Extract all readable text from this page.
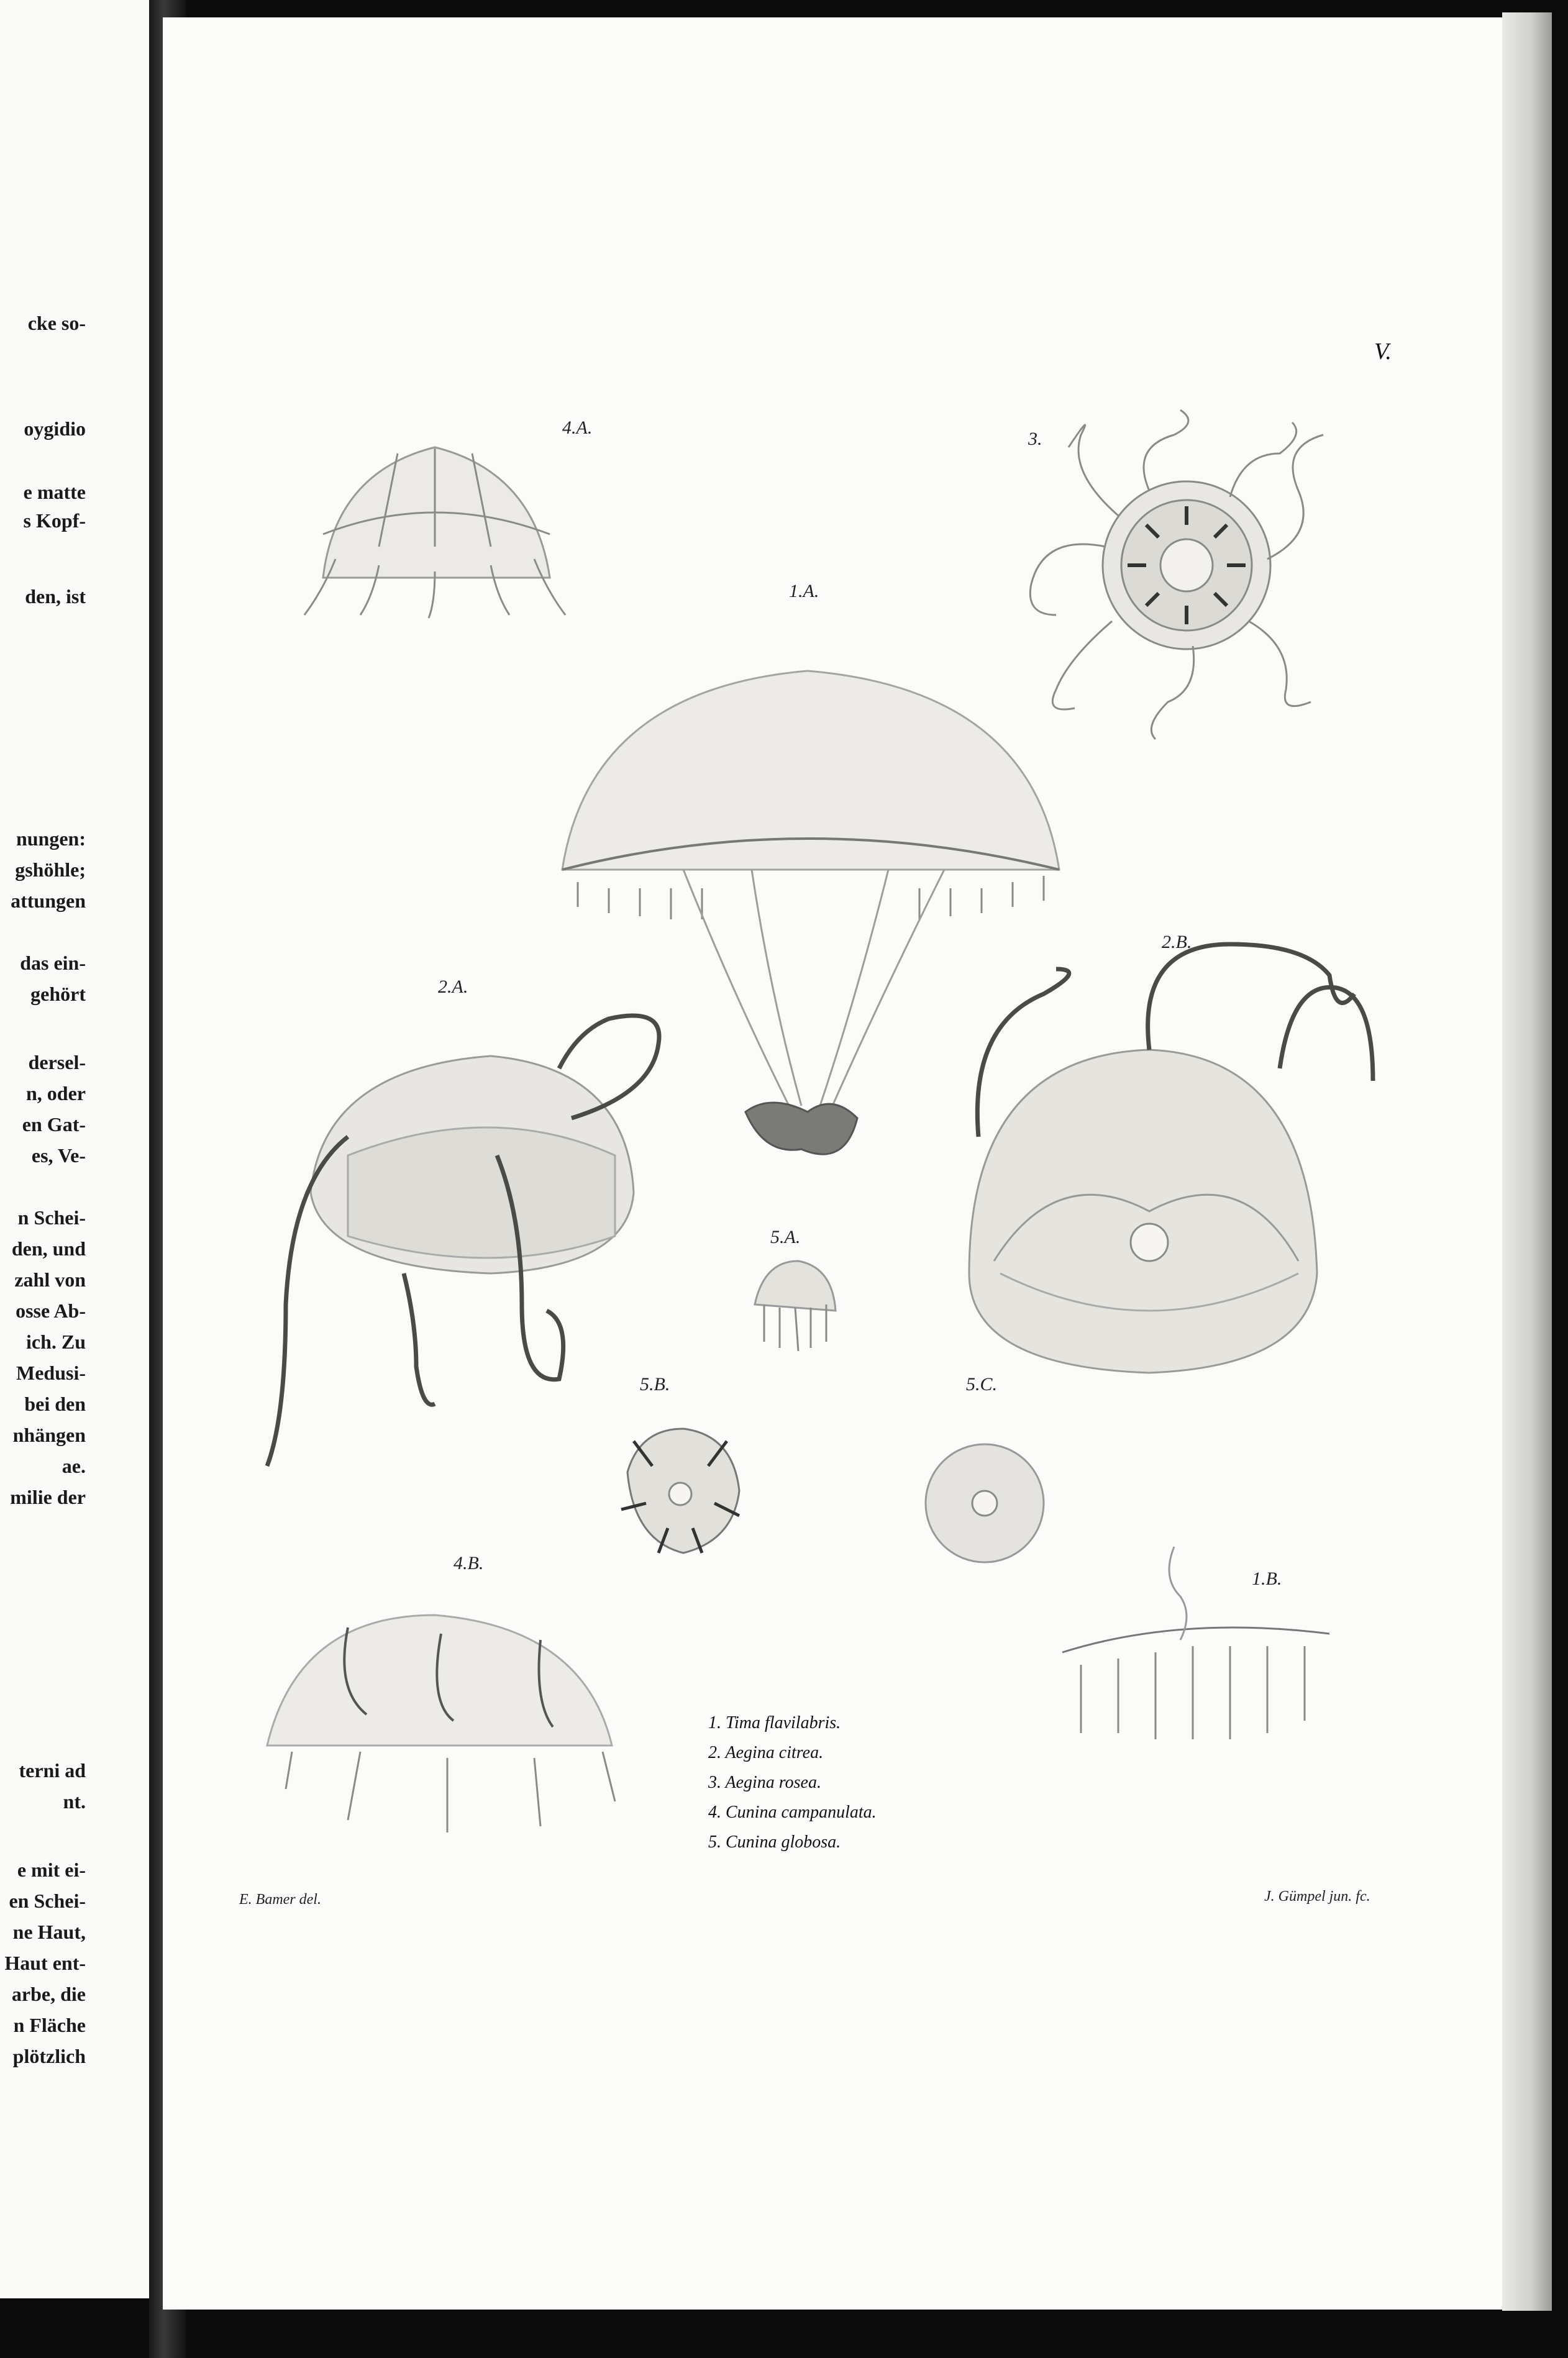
cke so-
oygidio
e matte
s Kopf-
den, ist
nungen:
gshöhle;
attungen
das ein-
gehört
dersel-
n, oder
en Gat-
es, Ve-
n Schei-
den, und
zahl von
osse Ab-
ich. Zu
Medusi-
bei den
nhängen
ae.
milie der
terni ad
nt.
e mit ei-
en Schei-
ne Haut,
Haut ent-
arbe, die
n Fläche
plötzlich
V.
4.A.
3.
1.A.
2.B.
2.A.
5.A.
5.B.	5.C.
4.B.
1.B.
1. Tima flavilabris.
2. Aegina citrea.
3. Aegina rosea.
4. Cunina campanulata.
5. Cunina globosa.
E. Bamer del.	J. Gümpel jun. fc.
